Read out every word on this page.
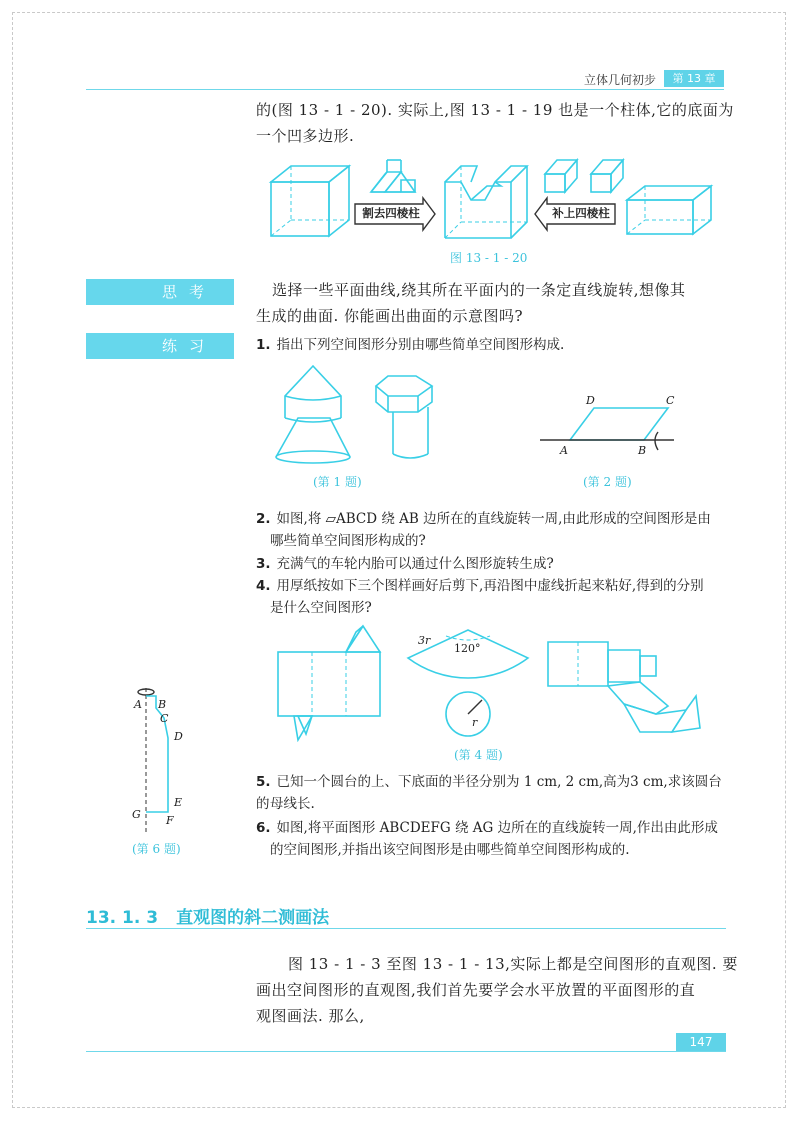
立体几何初步	第 13 章
的(图 13 - 1 - 20). 实际上,图 13 - 1 - 19 也是一个柱体,它的底面为
一个凹多边形.
割去四棱柱	补上四棱柱
图 13 - 1 - 20
思考	选择一些平面曲线,绕其所在平面内的一条定直线旋转,想像其
生成的曲面. 你能画出曲面的示意图吗?
练习	1. 指出下列空间图形分别由哪些简单空间图形构成.
(第 1 题)
D	C
A	B
(第 2 题)
2. 如图,将 ▱ABCD 绕 AB 边所在的直线旋转一周,由此形成的空间图形是由
哪些简单空间图形构成的?
3. 充满气的车轮内胎可以通过什么图形旋转生成?
4. 用厚纸按如下三个图样画好后剪下,再沿图中虚线折起来粘好,得到的分别
是什么空间图形?
3r
120°
r
(第 4 题)
A B
C
D
E
F
G
(第 6 题)
5. 已知一个圆台的上、下底面的半径分别为 1 cm, 2 cm,高为3 cm,求该圆台的 母线长.
6. 如图,将平面图形 ABCDEFG 绕 AG 边所在的直线旋转一周,作出由此形成
的空间图形,并指出该空间图形是由哪些简单空间图形构成的.
13. 1. 3 直观图的斜二测画法
图 13 - 1 - 3 至图 13 - 1 - 13,实际上都是空间图形的直观图. 要
画出空间图形的直观图,我们首先要学会水平放置的平面图形的直
观图画法. 那么,
147
